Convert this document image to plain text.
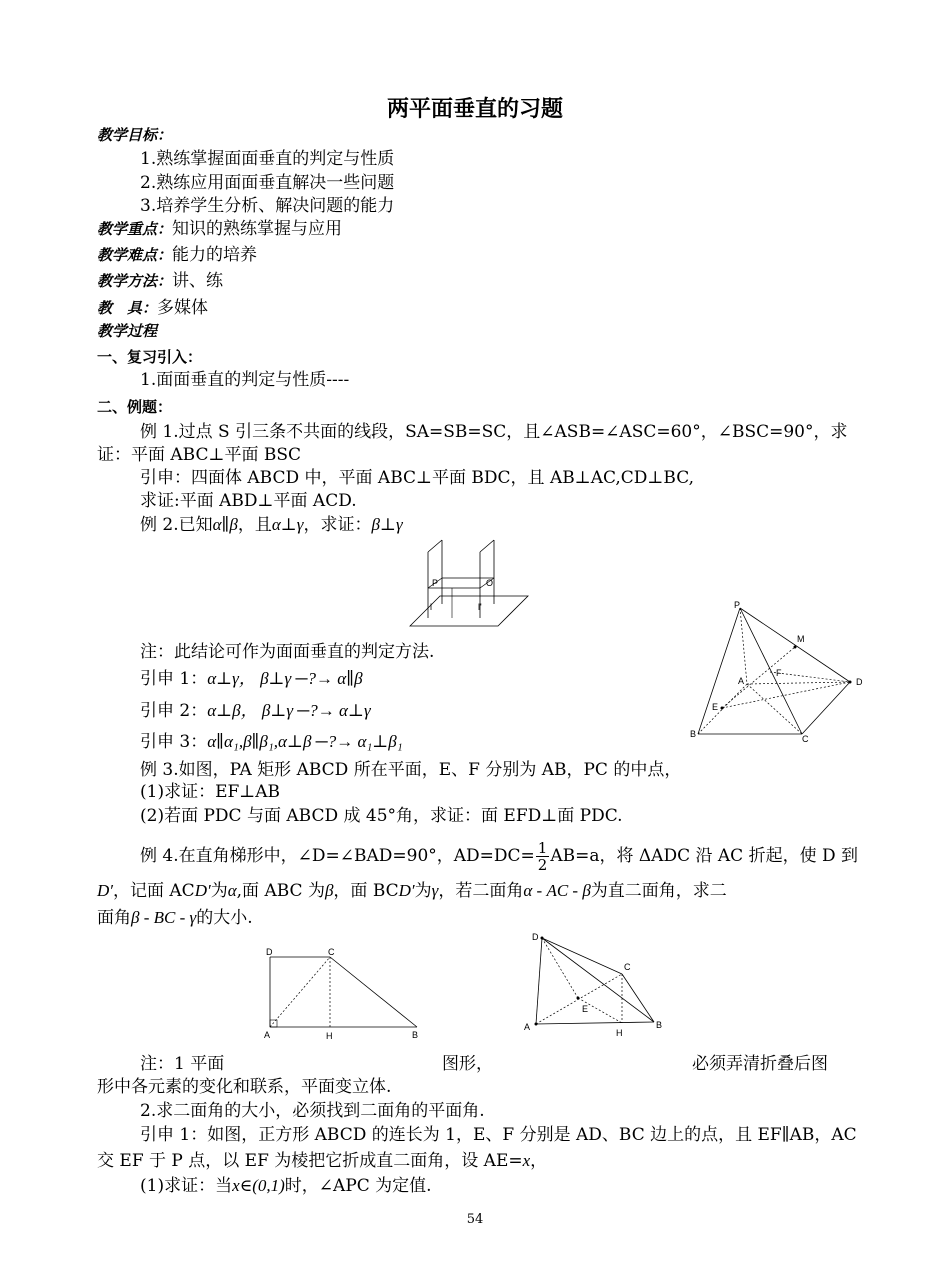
两平面垂直的习题
教学目标：
1.熟练掌握面面垂直的判定与性质
2.熟练应用面面垂直解决一些问题
3.培养学生分析、解决问题的能力
教学重点：知识的熟练掌握与应用
教学难点：能力的培养
教学方法：讲、练
教　具：多媒体
教学过程
一、复习引入：
1.面面垂直的判定与性质----
二、例题：
例 1.过点 S 引三条不共面的线段，SA=SB=SC，且∠ASB=∠ASC=60°，∠BSC=90°，求
证：平面 ABC⊥平面 BSC
引申：四面体 ABCD 中，平面 ABC⊥平面 BDC，且 AB⊥AC,CD⊥BC,
求证:平面 ABD⊥平面 ACD.
例 2.已知α∥β，且α⊥γ，求证：β⊥γ
P	O
l	l'	P
M
A
F
D
E
B	C
注：此结论可作为面面垂直的判定方法.
引申 1：α⊥γ， β⊥γ ─?→ α∥β
引申 2：α⊥β， β⊥γ ─?→ α⊥γ
引申 3：α∥α₁,β∥β₁,α⊥β ─?→ α₁⊥β₁
例 3.如图，PA 矩形 ABCD 所在平面，E、F 分别为 AB，PC 的中点，
(1)求证：EF⊥AB
(2)若面 PDC 与面 ABCD 成 45°角，求证：面 EFD⊥面 PDC.
例 4.在直角梯形中，∠D=∠BAD=90°，$AD=DC= \frac{1}{2} AB=a$，将 ΔADC 沿 AC 折起，使 D 到
D′，记面 ACD′为α,面 ABC 为β，面 BCD′为γ，若二面角α - AC - β为直二面角，求二
面角β - BC - γ的大小.
D	C
A	H	B
D
C
E
A
H
B
注：1 平面	图形，	必须弄清折叠后图
形中各元素的变化和联系，平面变立体.
2.求二面角的大小，必须找到二面角的平面角.
引申 1：如图，正方形 ABCD 的连长为 1，E、F 分别是 AD、BC 边上的点，且 EF∥AB，AC
交 EF 于 P 点，以 EF 为棱把它折成直二面角，设 AE=x，
(1)求证：当x∈(0,1)时，∠APC 为定值.
54
